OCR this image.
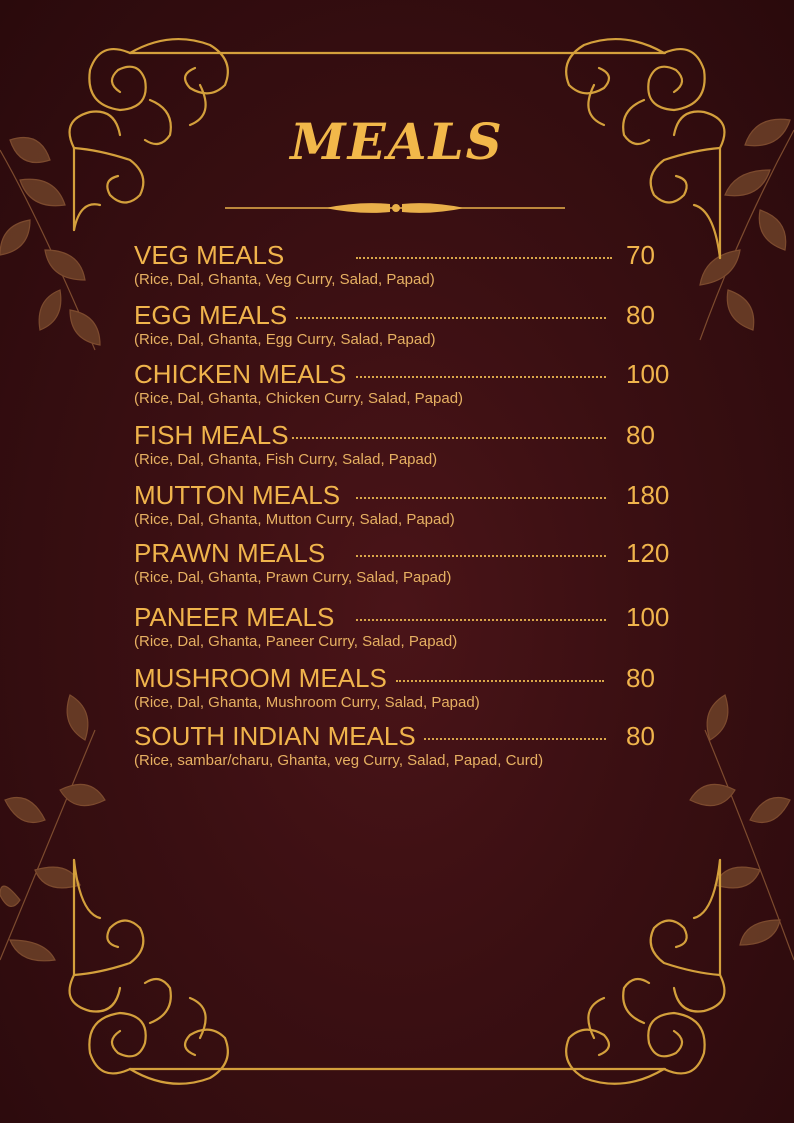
MEALS
VEG MEALS	70
(Rice, Dal, Ghanta, Veg Curry, Salad, Papad)
EGG MEALS	80
(Rice, Dal, Ghanta, Egg Curry, Salad, Papad)
CHICKEN MEALS	100
(Rice, Dal, Ghanta, Chicken Curry, Salad, Papad)
FISH MEALS	80
(Rice, Dal, Ghanta, Fish Curry, Salad, Papad)
MUTTON MEALS	180
(Rice, Dal, Ghanta, Mutton Curry, Salad, Papad)
PRAWN MEALS	120
(Rice, Dal, Ghanta, Prawn Curry, Salad, Papad)
PANEER MEALS	100
(Rice, Dal, Ghanta, Paneer Curry, Salad, Papad)
MUSHROOM MEALS	80
(Rice, Dal, Ghanta, Mushroom Curry, Salad, Papad)
SOUTH INDIAN MEALS	80
(Rice, sambar/charu, Ghanta, veg Curry, Salad, Papad, Curd)
